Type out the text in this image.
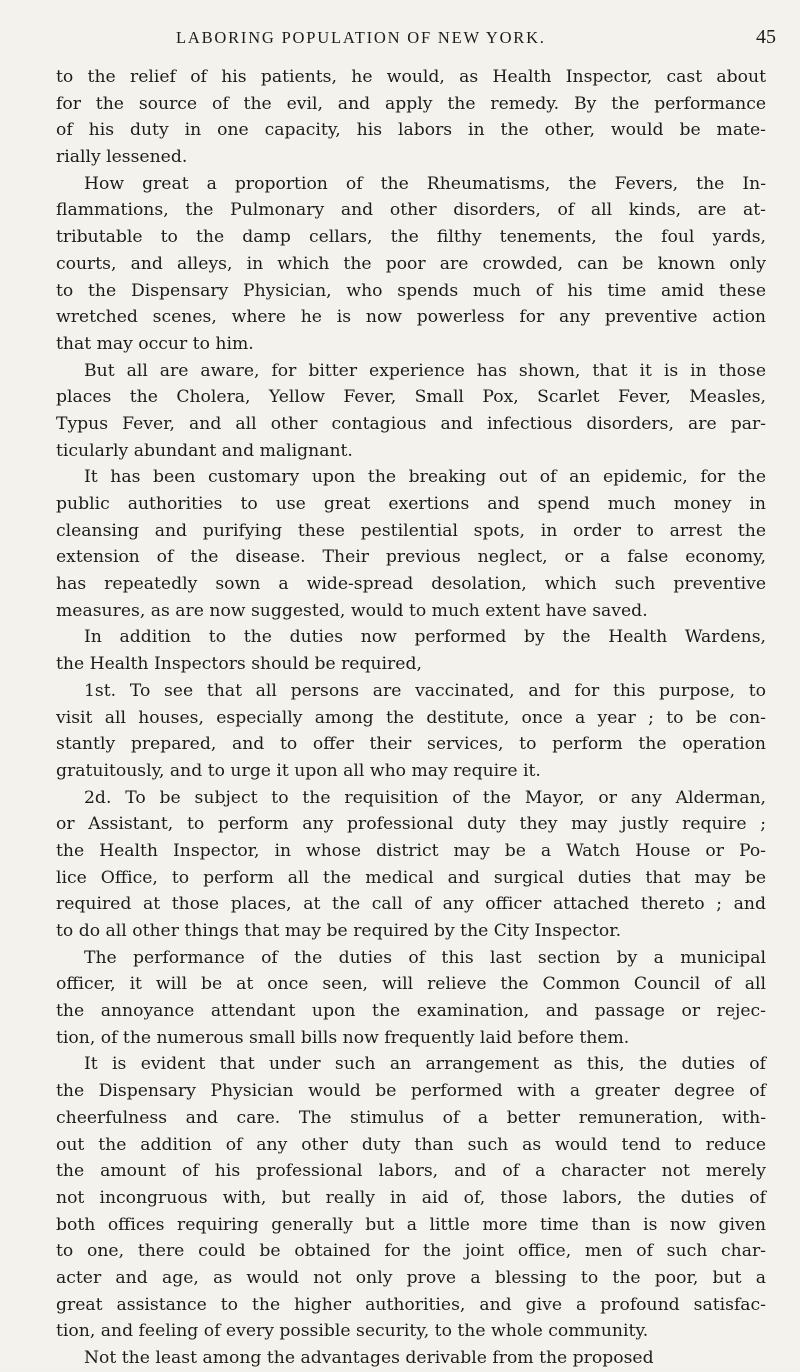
LABORING POPULATION OF NEW YORK.	45
to the relief of his patients, he would, as Health Inspector, cast about
for the source of the evil, and apply the remedy. By the performance
of his duty in one capacity, his labors in the other, would be mate-
rially lessened.
How great a proportion of the Rheumatisms, the Fevers, the In-
flammations, the Pulmonary and other disorders, of all kinds, are at-
tributable to the damp cellars, the filthy tenements, the foul yards,
courts, and alleys, in which the poor are crowded, can be known only
to the Dispensary Physician, who spends much of his time amid these
wretched scenes, where he is now powerless for any preventive action
that may occur to him.
But all are aware, for bitter experience has shown, that it is in those
places the Cholera, Yellow Fever, Small Pox, Scarlet Fever, Measles,
Typus Fever, and all other contagious and infectious disorders, are par-
ticularly abundant and malignant.
It has been customary upon the breaking out of an epidemic, for the
public authorities to use great exertions and spend much money in
cleansing and purifying these pestilential spots, in order to arrest the
extension of the disease. Their previous neglect, or a false economy,
has repeatedly sown a wide-spread desolation, which such preventive
measures, as are now suggested, would to much extent have saved.
In addition to the duties now performed by the Health Wardens,
the Health Inspectors should be required,
1st. To see that all persons are vaccinated, and for this purpose, to
visit all houses, especially among the destitute, once a year ; to be con-
stantly prepared, and to offer their services, to perform the operation
gratuitously, and to urge it upon all who may require it.
2d. To be subject to the requisition of the Mayor, or any Alderman,
or Assistant, to perform any professional duty they may justly require ;
the Health Inspector, in whose district may be a Watch House or Po-
lice Office, to perform all the medical and surgical duties that may be
required at those places, at the call of any officer attached thereto ; and
to do all other things that may be required by the City Inspector.
The performance of the duties of this last section by a municipal
officer, it will be at once seen, will relieve the Common Council of all
the annoyance attendant upon the examination, and passage or rejec-
tion, of the numerous small bills now frequently laid before them.
It is evident that under such an arrangement as this, the duties of
the Dispensary Physician would be performed with a greater degree of
cheerfulness and care. The stimulus of a better remuneration, with-
out the addition of any other duty than such as would tend to reduce
the amount of his professional labors, and of a character not merely
not incongruous with, but really in aid of, those labors, the duties of
both offices requiring generally but a little more time than is now given
to one, there could be obtained for the joint office, men of such char-
acter and age, as would not only prove a blessing to the poor, but a
great assistance to the higher authorities, and give a profound satisfac-
tion, and feeling of every possible security, to the whole community.
Not the least among the advantages derivable from the proposed
